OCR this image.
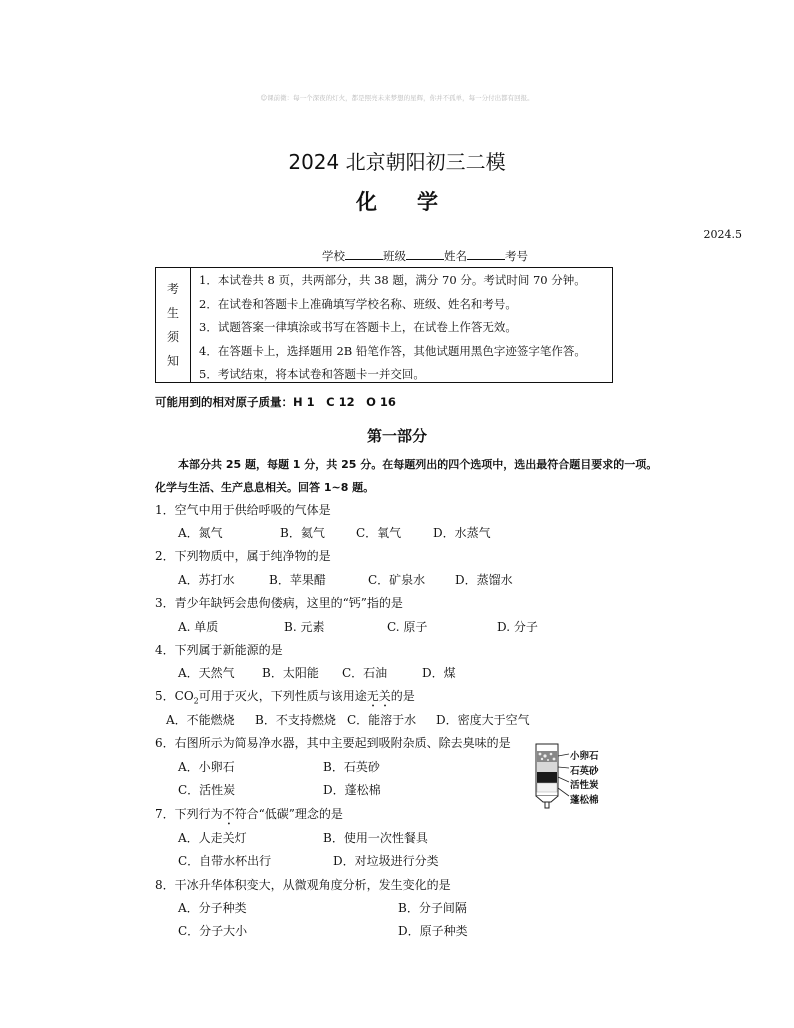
☺课前微：每一个深夜的灯火，都是照亮未来梦想的星辉，你并不孤单，每一分付出都有回报。
2024 北京朝阳初三二模
化学
2024.5
学校	班级	姓名	考号
考
生
须
知
1．本试卷共 8 页，共两部分，共 38 题，满分 70 分。考试时间 70 分钟。
2．在试卷和答题卡上准确填写学校名称、班级、姓名和考号。
3．试题答案一律填涂或书写在答题卡上，在试卷上作答无效。
4．在答题卡上，选择题用 2B 铅笔作答，其他试题用黑色字迹签字笔作答。
5．考试结束，将本试卷和答题卡一并交回。
可能用到的相对原子质量：H 1　C 12　O 16
第一部分
本部分共 25 题，每题 1 分，共 25 分。在每题列出的四个选项中，选出最符合题目要求的一项。
化学与生活、生产息息相关。回答 1~8 题。
1．空气中用于供给呼吸的气体是
A．氮气	B．氦气	C．氧气	D．水蒸气
2．下列物质中，属于纯净物的是
A．苏打水	B．苹果醋	C．矿泉水 D．蒸馏水
3．青少年缺钙会患佝偻病，这里的“钙”指的是
A. 单质	B. 元素	C. 原子	D. 分子
4．下列属于新能源的是
A．天然气 B．太阳能 C．石油	D．煤
5．$CO_2$可用于灭火，下列性质与该用途无关的是
A．不能燃烧 B．不支持燃烧 C．能溶于水 D．密度大于空气
6．右图所示为简易净水器，其中主要起到吸附杂质、除去臭味的是
A．小卵石	B．石英砂
C．活性炭	D．蓬松棉
小卵石
石英砂
活性炭
蓬松棉
7．下列行为不符合“低碳”理念的是
A．人走关灯	B．使用一次性餐具
C．自带水杯出行	D．对垃圾进行分类
8．干冰升华体积变大，从微观角度分析，发生变化的是
A．分子种类	B．分子间隔
C．分子大小	D．原子种类
